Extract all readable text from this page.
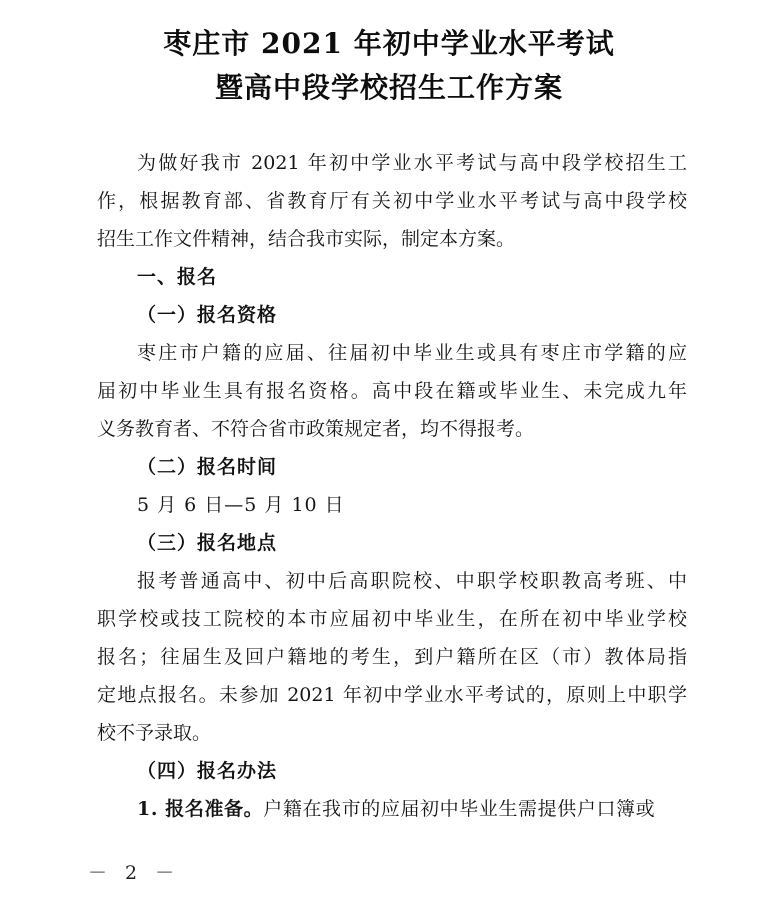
枣庄市 2021 年初中学业水平考试
暨高中段学校招生工作方案
为做好我市 2021 年初中学业水平考试与高中段学校招生工
作，根据教育部、省教育厅有关初中学业水平考试与高中段学校
招生工作文件精神，结合我市实际，制定本方案。
一、报名
（一）报名资格
枣庄市户籍的应届、往届初中毕业生或具有枣庄市学籍的应
届初中毕业生具有报名资格。高中段在籍或毕业生、未完成九年
义务教育者、不符合省市政策规定者，均不得报考。
（二）报名时间
5 月 6 日—5 月 10 日
（三）报名地点
报考普通高中、初中后高职院校、中职学校职教高考班、中
职学校或技工院校的本市应届初中毕业生，在所在初中毕业学校
报名；往届生及回户籍地的考生，到户籍所在区（市）教体局指
定地点报名。未参加 2021 年初中学业水平考试的，原则上中职学
校不予录取。
（四）报名办法
1. 报名准备。户籍在我市的应届初中毕业生需提供户口簿或
－ 2 －
